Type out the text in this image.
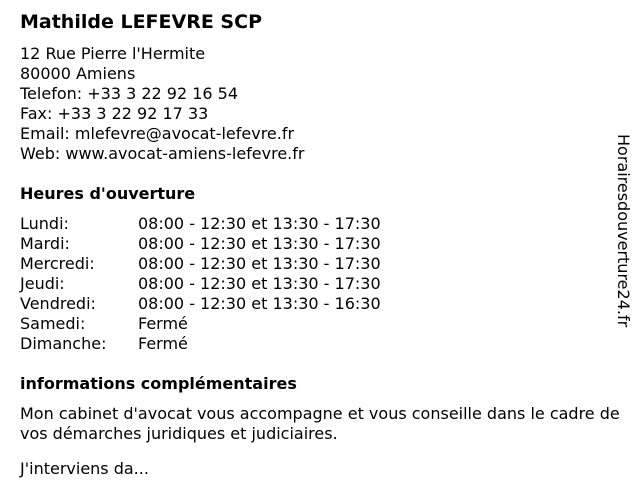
Mathilde LEFEVRE SCP
12 Rue Pierre l'Hermite
80000 Amiens
Telefon: +33 3 22 92 16 54
Fax: +33 3 22 92 17 33
Email: mlefevre@avocat-lefevre.fr
Web: www.avocat-amiens-lefevre.fr
Heures d'ouverture
Lundi:	08:00 - 12:30 et 13:30 - 17:30
Mardi:	08:00 - 12:30 et 13:30 - 17:30
Mercredi:	08:00 - 12:30 et 13:30 - 17:30
Jeudi:	08:00 - 12:30 et 13:30 - 17:30
Vendredi:	08:00 - 12:30 et 13:30 - 16:30
Samedi:	Fermé
Dimanche:	Fermé
informations complémentaires
Mon cabinet d'avocat vous accompagne et vous conseille dans le cadre de vos démarches juridiques et judiciaires.
J'interviens da...
Horairesdouverture24.fr
